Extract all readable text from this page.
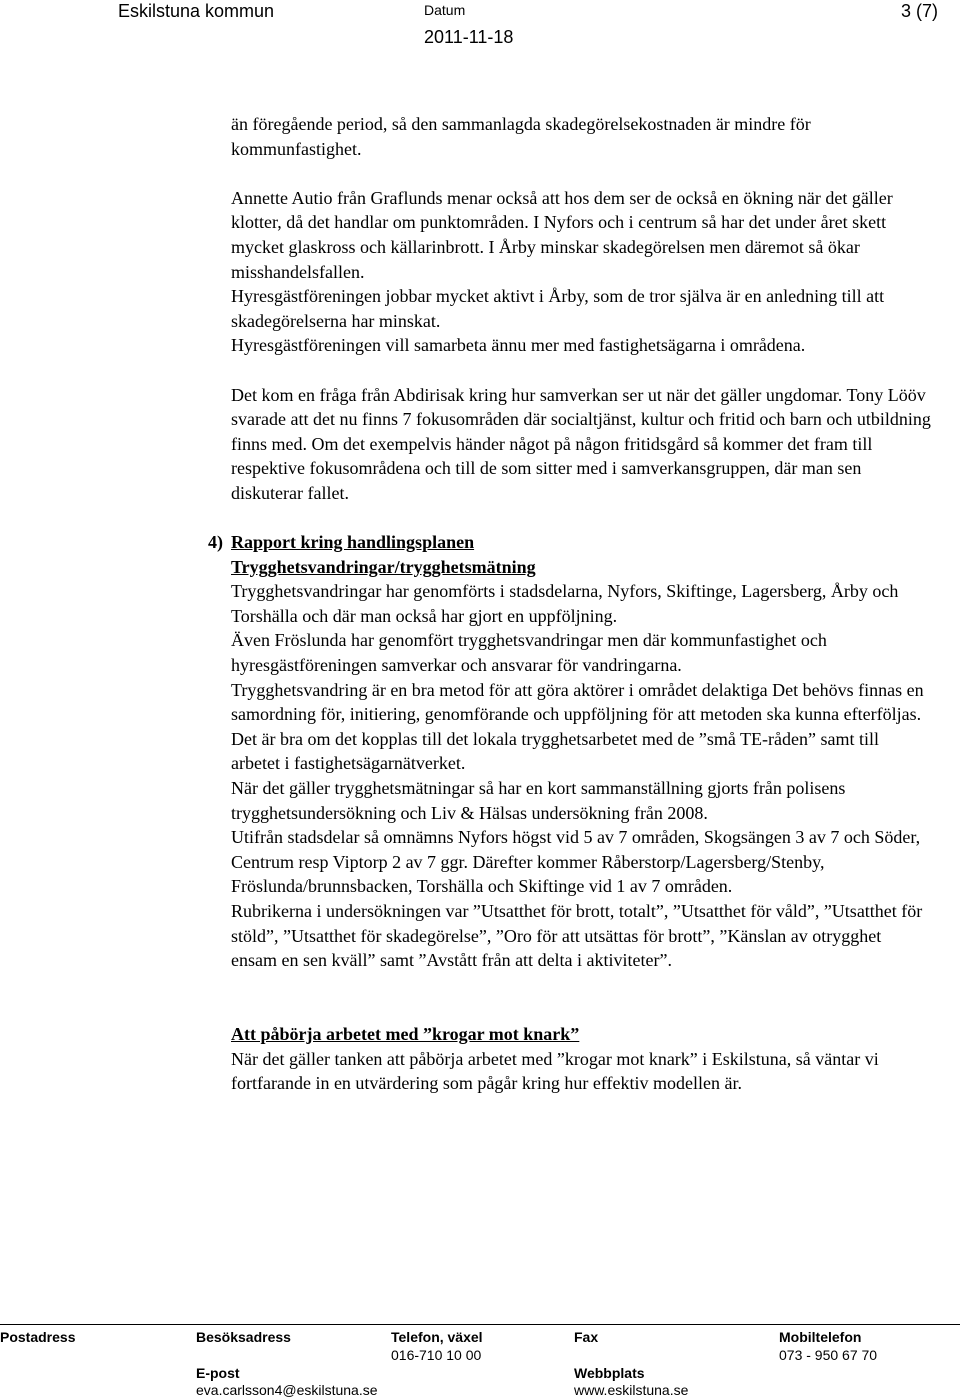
Eskilstuna kommun	Datum
2011-11-18
3 (7)

än föregående period, så den sammanlagda skadegörelsekostnaden är mindre för kommunfastighet.

Annette Autio från Graflunds menar också att hos dem ser de också en ökning när det gäller klotter, då det handlar om punktområden. I Nyfors och i centrum så har det under året skett mycket glaskross och källarinbrott. I Årby minskar skadegörelsen men däremot så ökar misshandelsfallen.

Hyresgästföreningen jobbar mycket aktivt i Årby, som de tror själva är en anledning till att skadegörelserna har minskat.

Hyresgästföreningen vill samarbeta ännu mer med fastighetsägarna i områdena.

Det kom en fråga från Abdirisak kring hur samverkan ser ut när det gäller ungdomar. Tony Lööv svarade att det nu finns 7 fokusområden där socialtjänst, kultur och fritid och barn och utbildning finns med. Om det exempelvis händer något på någon fritidsgård så kommer det fram till respektive fokusområdena och till de som sitter med i samverkansgruppen, där man sen diskuterar fallet.

4) Rapport kring handlingsplanen

Trygghetsvandringar/trygghetsmätning

Trygghetsvandringar har genomförts i stadsdelarna, Nyfors, Skiftinge, Lagersberg, Årby och Torshälla och där man också har gjort en uppföljning.

Även Fröslunda har genomfört trygghetsvandringar men där kommunfastighet och hyresgästföreningen samverkar och ansvarar för vandringarna.

Trygghetsvandring är en bra metod för att göra aktörer i området delaktiga Det behövs finnas en samordning för, initiering, genomförande och uppföljning för att metoden ska kunna efterföljas. Det är bra om det kopplas till det lokala trygghetsarbetet med de ”små TE-råden” samt till arbetet i fastighetsägarnätverket.

När det gäller trygghetsmätningar så har en kort sammanställning gjorts från polisens trygghetsundersökning och Liv & Hälsas undersökning från 2008.

Utifrån stadsdelar så omnämns Nyfors högst vid 5 av 7 områden, Skogsängen 3 av 7 och Söder, Centrum resp Viptorp 2 av 7 ggr. Därefter kommer Råberstorp/Lagersberg/Stenby, Fröslunda/brunnsbacken, Torshälla och Skiftinge vid 1 av 7 områden.

Rubrikerna i undersökningen var ”Utsatthet för brott, totalt”, ”Utsatthet för våld”, ”Utsatthet för stöld”, ”Utsatthet för skadegörelse”, ”Oro för att utsättas för brott”, ”Känslan av otrygghet ensam en sen kväll” samt ”Avstått från att delta i aktiviteter”.

Att påbörja arbetet med ”krogar mot knark”

När det gäller tanken att påbörja arbetet med ”krogar mot knark” i Eskilstuna, så väntar vi fortfarande in en utvärdering som pågår kring hur effektiv modellen är.

Postadress	Besöksadress	Telefon, växel
016-710 10 00
Fax	Mobiltelefon
073 - 950 67 70
E-post
eva.carlsson4@eskilstuna.se
Webbplats
www.eskilstuna.se
